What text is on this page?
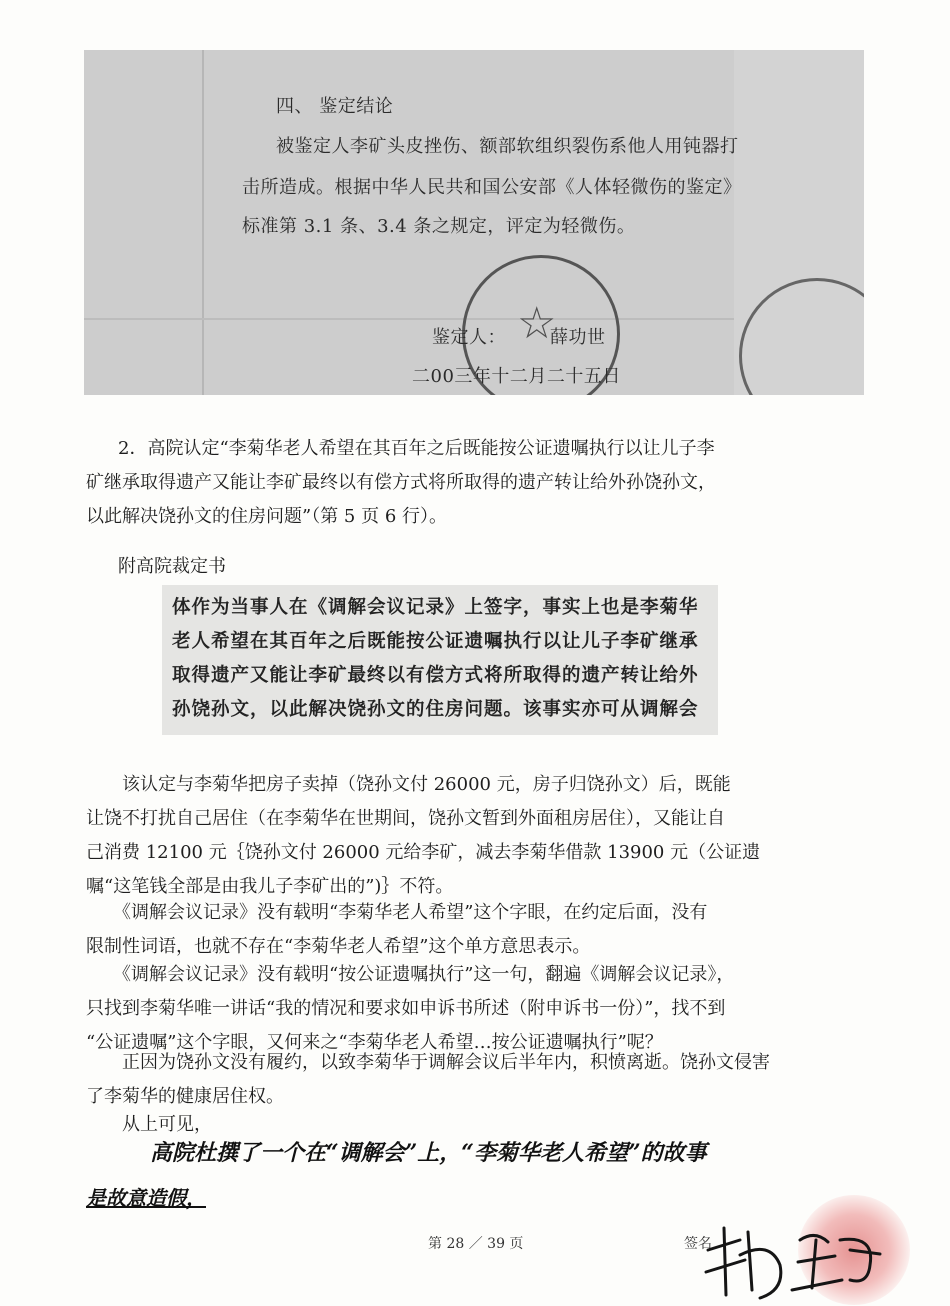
四、 鉴定结论
被鉴定人李矿头皮挫伤、额部软组织裂伤系他人用钝器打
击所造成。根据中华人民共和国公安部《人体轻微伤的鉴定》
标准第 3.1 条、3.4 条之规定，评定为轻微伤。
☆
鉴定人： 薛功世
二00三年十二月二十五日
2．高院认定“李菊华老人希望在其百年之后既能按公证遗嘱执行以让儿子李
矿继承取得遗产又能让李矿最终以有偿方式将所取得的遗产转让给外孙饶孙文，
以此解决饶孙文的住房问题”（第 5 页 6 行）。
附高院裁定书
体作为当事人在《调解会议记录》上签字，事实上也是李菊华
老人希望在其百年之后既能按公证遗嘱执行以让儿子李矿继承
取得遗产又能让李矿最终以有偿方式将所取得的遗产转让给外
孙饶孙文，以此解决饶孙文的住房问题。该事实亦可从调解会
　　该认定与李菊华把房子卖掉（饶孙文付 26000 元，房子归饶孙文）后，既能
让饶不打扰自己居住（在李菊华在世期间，饶孙文暂到外面租房居住），又能让自
己消费 12100 元｛饶孙文付 26000 元给李矿，减去李菊华借款 13900 元（公证遗
嘱“这笔钱全部是由我儿子李矿出的”)｝不符。
　　《调解会议记录》没有载明“李菊华老人希望”这个字眼，在约定后面，没有
限制性词语，也就不存在“李菊华老人希望”这个单方意思表示。
　　《调解会议记录》没有载明“按公证遗嘱执行”这一句，翻遍《调解会议记录》，
只找到李菊华唯一讲话“我的情况和要求如申诉书所述（附申诉书一份）”，找不到
“公证遗嘱”这个字眼，又何来之“李菊华老人希望…按公证遗嘱执行”呢？
　　正因为饶孙文没有履约，以致李菊华于调解会议后半年内，积愤离逝。饶孙文侵害
了李菊华的健康居住权。
　　从上可见，
高院杜撰了一个在“调解会”上，“李菊华老人希望”的故事
是故意造假，
第 28 ／ 39 页	签名
